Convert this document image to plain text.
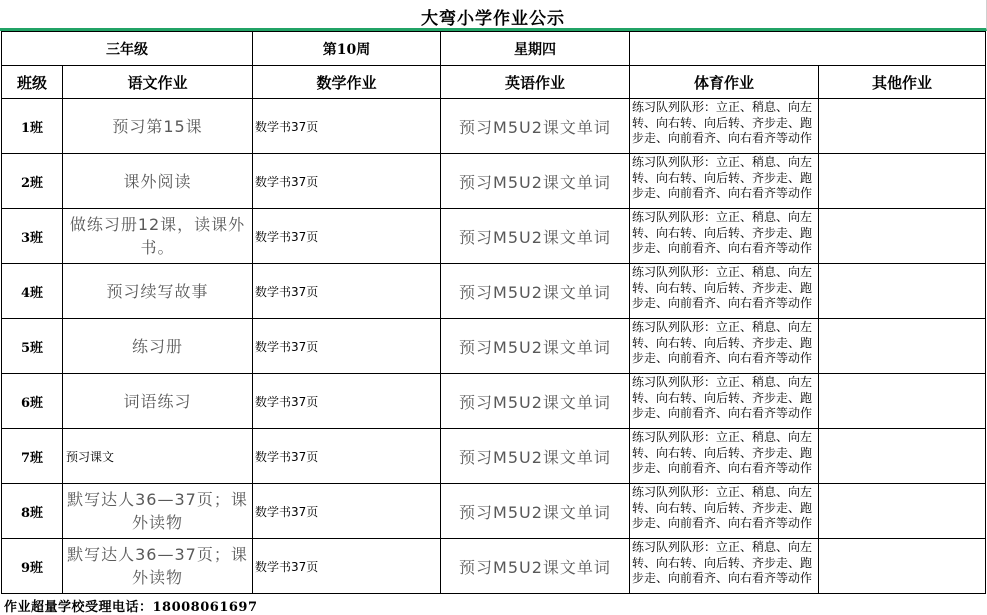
大弯小学作业公示
三年级		第10周	星期四		
班级	语文作业	数学作业	英语作业	体育作业	其他作业
1班	预习第15课	数学书37页	预习M5U2课文单词	练习队列队形：立正、稍息、向左转、向右转、向后转、齐步走、跑步走、向前看齐、向右看齐等动作	

2班	课外阅读	数学书37页	预习M5U2课文单词	练习队列队形：立正、稍息、向左转、向右转、向后转、齐步走、跑步走、向前看齐、向右看齐等动作	

3班	做练习册12课，读课外书。	数学书37页	预习M5U2课文单词	练习队列队形：立正、稍息、向左转、向右转、向后转、齐步走、跑步走、向前看齐、向右看齐等动作	

4班	预习续写故事	数学书37页	预习M5U2课文单词	练习队列队形：立正、稍息、向左转、向右转、向后转、齐步走、跑步走、向前看齐、向右看齐等动作	

5班	练习册	数学书37页	预习M5U2课文单词	练习队列队形：立正、稍息、向左转、向右转、向后转、齐步走、跑步走、向前看齐、向右看齐等动作	

6班	词语练习	数学书37页	预习M5U2课文单词	练习队列队形：立正、稍息、向左转、向右转、向后转、齐步走、跑步走、向前看齐、向右看齐等动作	

7班	预习课文	数学书37页	预习M5U2课文单词	练习队列队形：立正、稍息、向左转、向右转、向后转、齐步走、跑步走、向前看齐、向右看齐等动作	

8班	默写达人36—37页；课外读物	数学书37页	预习M5U2课文单词	练习队列队形：立正、稍息、向左转、向右转、向后转、齐步走、跑步走、向前看齐、向右看齐等动作	

9班	默写达人36—37页；课外读物	数学书37页	预习M5U2课文单词	练习队列队形：立正、稍息、向左转、向右转、向后转、齐步走、跑步走、向前看齐、向右看齐等动作	

作业超量学校受理电话：18008061697
